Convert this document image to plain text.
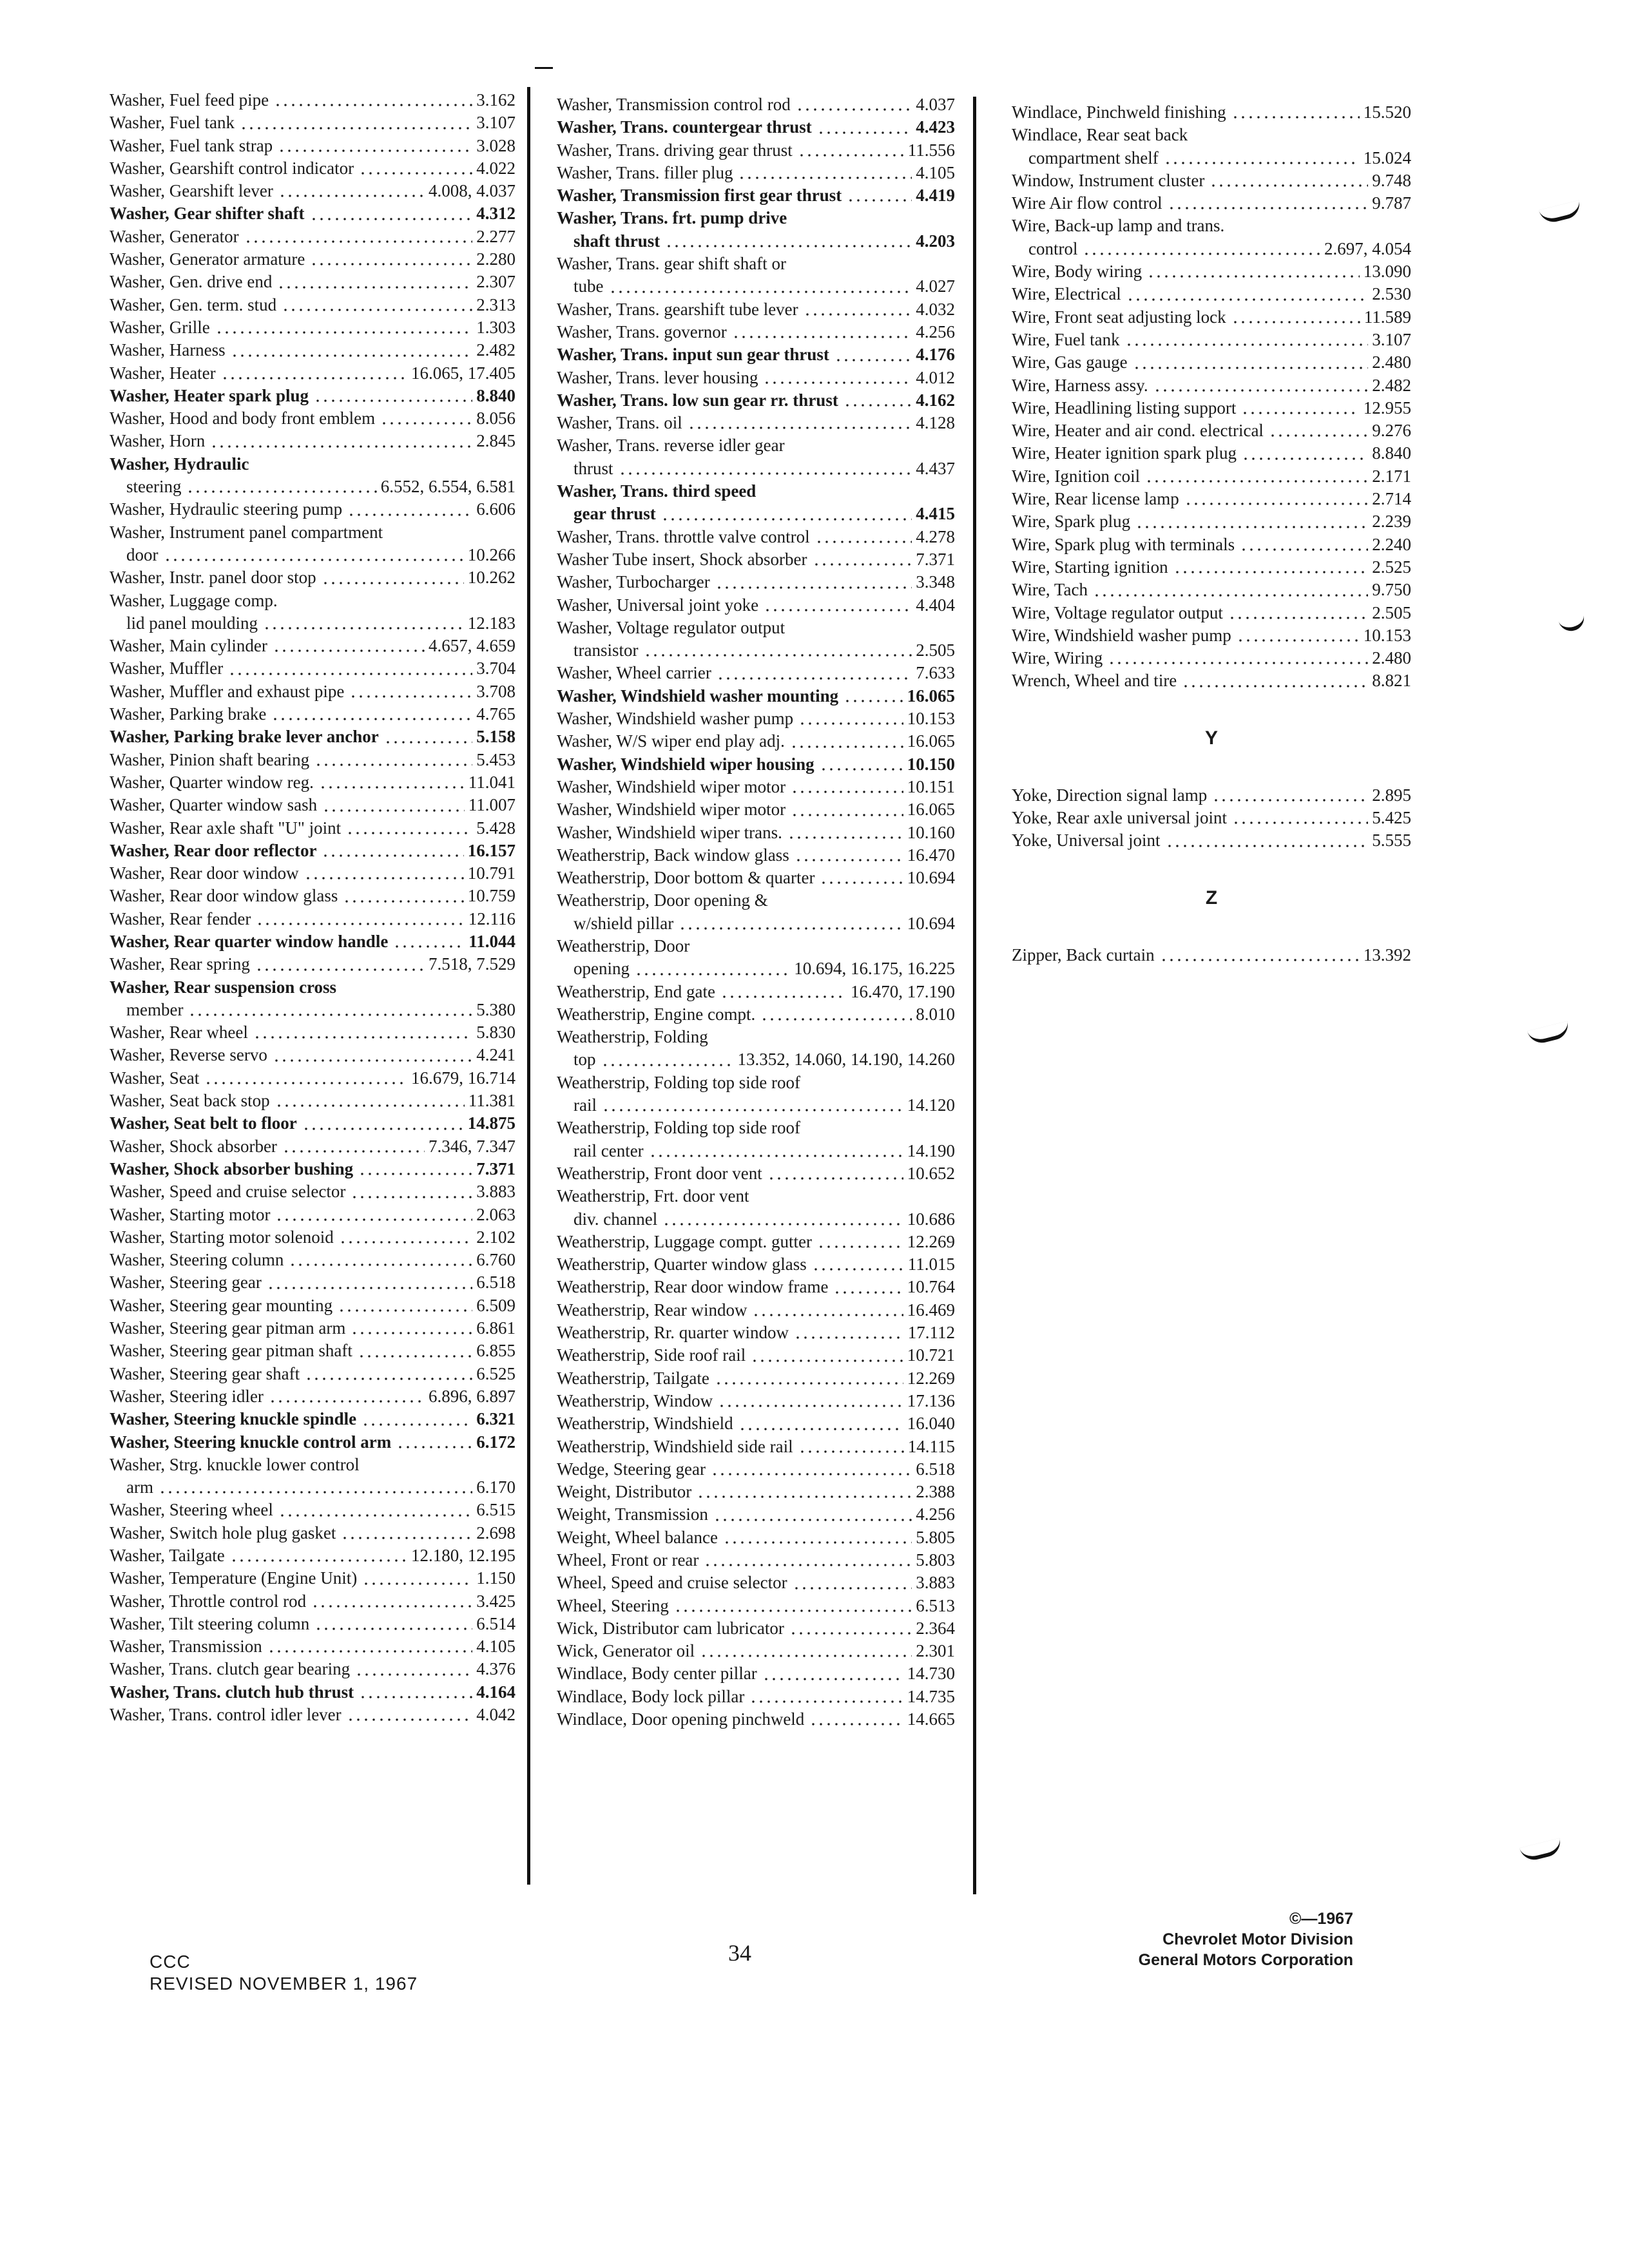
Washer, Fuel feed pipe	3.162
Washer, Fuel tank	3.107
Washer, Fuel tank strap	3.028
Washer, Gearshift control indicator	4.022
Washer, Gearshift lever	4.008, 4.037
Washer, Gear shifter shaft	4.312
Washer, Generator	2.277
Washer, Generator armature	2.280
Washer, Gen. drive end	2.307
Washer, Gen. term. stud	2.313
Washer, Grille	1.303
Washer, Harness	2.482
Washer, Heater	16.065, 17.405
Washer, Heater spark plug	8.840
Washer, Hood and body front emblem	8.056
Washer, Horn	2.845
Washer, Hydraulic
steering	6.552, 6.554, 6.581
Washer, Hydraulic steering pump	6.606
Washer, Instrument panel compartment
door	10.266
Washer, Instr. panel door stop	10.262
Washer, Luggage comp.
lid panel moulding	12.183
Washer, Main cylinder	4.657, 4.659
Washer, Muffler	3.704
Washer, Muffler and exhaust pipe	3.708
Washer, Parking brake	4.765
Washer, Parking brake lever anchor	5.158
Washer, Pinion shaft bearing	5.453
Washer, Quarter window reg.	11.041
Washer, Quarter window sash	11.007
Washer, Rear axle shaft "U" joint	5.428
Washer, Rear door reflector	16.157
Washer, Rear door window	10.791
Washer, Rear door window glass	10.759
Washer, Rear fender	12.116
Washer, Rear quarter window handle	11.044
Washer, Rear spring	7.518, 7.529
Washer, Rear suspension cross
member	5.380
Washer, Rear wheel	5.830
Washer, Reverse servo	4.241
Washer, Seat	16.679, 16.714
Washer, Seat back stop	11.381
Washer, Seat belt to floor	14.875
Washer, Shock absorber	7.346, 7.347
Washer, Shock absorber bushing	7.371
Washer, Speed and cruise selector	3.883
Washer, Starting motor	2.063
Washer, Starting motor solenoid	2.102
Washer, Steering column	6.760
Washer, Steering gear	6.518
Washer, Steering gear mounting	6.509
Washer, Steering gear pitman arm	6.861
Washer, Steering gear pitman shaft	6.855
Washer, Steering gear shaft	6.525
Washer, Steering idler	6.896, 6.897
Washer, Steering knuckle spindle	6.321
Washer, Steering knuckle control arm	6.172
Washer, Strg. knuckle lower control
arm	6.170
Washer, Steering wheel	6.515
Washer, Switch hole plug gasket	2.698
Washer, Tailgate	12.180, 12.195
Washer, Temperature (Engine Unit)	1.150
Washer, Throttle control rod	3.425
Washer, Tilt steering column	6.514
Washer, Transmission	4.105
Washer, Trans. clutch gear bearing	4.376
Washer, Trans. clutch hub thrust	4.164
Washer, Trans. control idler lever	4.042
Washer, Transmission control rod	4.037
Washer, Trans. countergear thrust	4.423
Washer, Trans. driving gear thrust	11.556
Washer, Trans. filler plug	4.105
Washer, Transmission first gear thrust	4.419
Washer, Trans. frt. pump drive
shaft thrust	4.203
Washer, Trans. gear shift shaft or
tube	4.027
Washer, Trans. gearshift tube lever	4.032
Washer, Trans. governor	4.256
Washer, Trans. input sun gear thrust	4.176
Washer, Trans. lever housing	4.012
Washer, Trans. low sun gear rr. thrust	4.162
Washer, Trans. oil	4.128
Washer, Trans. reverse idler gear
thrust	4.437
Washer, Trans. third speed
gear thrust	4.415
Washer, Trans. throttle valve control	4.278
Washer Tube insert, Shock absorber	7.371
Washer, Turbocharger	3.348
Washer, Universal joint yoke	4.404
Washer, Voltage regulator output
transistor	2.505
Washer, Wheel carrier	7.633
Washer, Windshield washer mounting	16.065
Washer, Windshield washer pump	10.153
Washer, W/S wiper end play adj.	16.065
Washer, Windshield wiper housing	10.150
Washer, Windshield wiper motor	10.151
Washer, Windshield wiper motor	16.065
Washer, Windshield wiper trans.	10.160
Weatherstrip, Back window glass	16.470
Weatherstrip, Door bottom & quarter	10.694
Weatherstrip, Door opening &
w/shield pillar	10.694
Weatherstrip, Door
opening	10.694, 16.175, 16.225
Weatherstrip, End gate	16.470, 17.190
Weatherstrip, Engine compt.	8.010
Weatherstrip, Folding
top	13.352, 14.060, 14.190, 14.260
Weatherstrip, Folding top side roof
rail	14.120
Weatherstrip, Folding top side roof
rail center	14.190
Weatherstrip, Front door vent	10.652
Weatherstrip, Frt. door vent
div. channel	10.686
Weatherstrip, Luggage compt. gutter	12.269
Weatherstrip, Quarter window glass	11.015
Weatherstrip, Rear door window frame	10.764
Weatherstrip, Rear window	16.469
Weatherstrip, Rr. quarter window	17.112
Weatherstrip, Side roof rail	10.721
Weatherstrip, Tailgate	12.269
Weatherstrip, Window	17.136
Weatherstrip, Windshield	16.040
Weatherstrip, Windshield side rail	14.115
Wedge, Steering gear	6.518
Weight, Distributor	2.388
Weight, Transmission	4.256
Weight, Wheel balance	5.805
Wheel, Front or rear	5.803
Wheel, Speed and cruise selector	3.883
Wheel, Steering	6.513
Wick, Distributor cam lubricator	2.364
Wick, Generator oil	2.301
Windlace, Body center pillar	14.730
Windlace, Body lock pillar	14.735
Windlace, Door opening pinchweld	14.665
Windlace, Pinchweld finishing	15.520
Windlace, Rear seat back
compartment shelf	15.024
Window, Instrument cluster	9.748
Wire Air flow control	9.787
Wire, Back-up lamp and trans.
control	2.697, 4.054
Wire, Body wiring	13.090
Wire, Electrical	2.530
Wire, Front seat adjusting lock	11.589
Wire, Fuel tank	3.107
Wire, Gas gauge	2.480
Wire, Harness assy.	2.482
Wire, Headlining listing support	12.955
Wire, Heater and air cond. electrical	9.276
Wire, Heater ignition spark plug	8.840
Wire, Ignition coil	2.171
Wire, Rear license lamp	2.714
Wire, Spark plug	2.239
Wire, Spark plug with terminals	2.240
Wire, Starting ignition	2.525
Wire, Tach	9.750
Wire, Voltage regulator output	2.505
Wire, Windshield washer pump	10.153
Wire, Wiring	2.480
Wrench, Wheel and tire	8.821
Y
Yoke, Direction signal lamp	2.895
Yoke, Rear axle universal joint	5.425
Yoke, Universal joint	5.555
Z
Zipper, Back curtain	13.392
CCC
REVISED NOVEMBER 1, 1967
34
©—1967
Chevrolet Motor Division
General Motors Corporation
